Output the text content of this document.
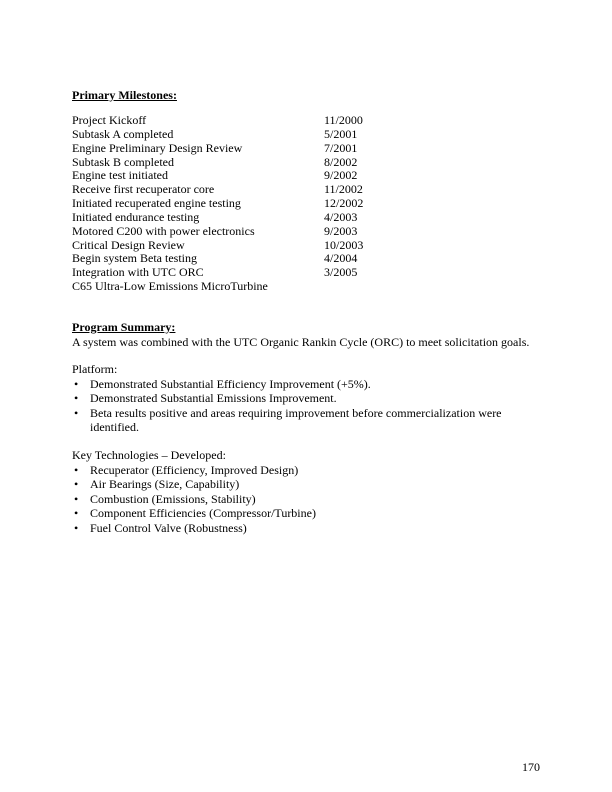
Primary Milestones:
Project Kickoff	11/2000
Subtask A completed	5/2001
Engine Preliminary Design Review	7/2001
Subtask B completed	8/2002
Engine test initiated	9/2002
Receive first recuperator core	11/2002
Initiated recuperated engine testing	12/2002
Initiated endurance testing	4/2003
Motored C200 with power electronics	9/2003
Critical Design Review	10/2003
Begin system Beta testing	4/2004
Integration with UTC ORC	3/2005
C65 Ultra-Low Emissions MicroTurbine
Program Summary:
A system was combined with the UTC Organic Rankin Cycle (ORC) to meet solicitation goals.
Platform:
• Demonstrated Substantial Efficiency Improvement (+5%).
• Demonstrated Substantial Emissions Improvement.
• Beta results positive and areas requiring improvement before commercialization were identified.
Key Technologies – Developed:
• Recuperator (Efficiency, Improved Design)
• Air Bearings (Size, Capability)
• Combustion (Emissions, Stability)
• Component Efficiencies (Compressor/Turbine)
• Fuel Control Valve (Robustness)
170
